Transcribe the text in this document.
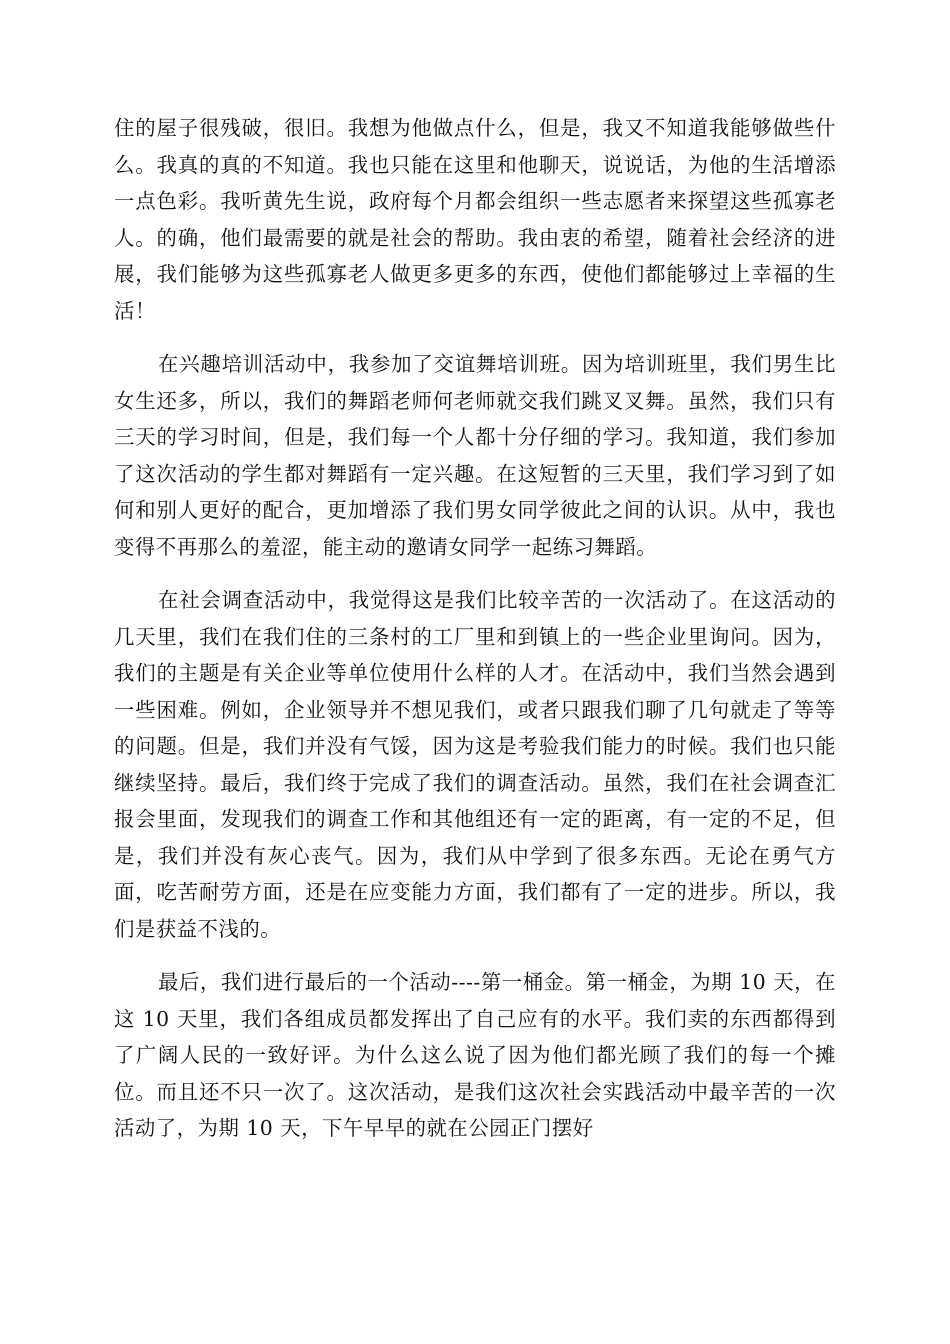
住的屋子很残破，很旧。我想为他做点什么，但是，我又不知道我能够做些什么。我真的真的不知道。我也只能在这里和他聊天，说说话，为他的生活增添一点色彩。我听黄先生说，政府每个月都会组织一些志愿者来探望这些孤寡老人。的确，他们最需要的就是社会的帮助。我由衷的希望，随着社会经济的进展，我们能够为这些孤寡老人做更多更多的东西，使他们都能够过上幸福的生活！

在兴趣培训活动中，我参加了交谊舞培训班。因为培训班里，我们男生比女生还多，所以，我们的舞蹈老师何老师就交我们跳叉叉舞。虽然，我们只有三天的学习时间，但是，我们每一个人都十分仔细的学习。我知道，我们参加了这次活动的学生都对舞蹈有一定兴趣。在这短暂的三天里，我们学习到了如何和别人更好的配合，更加增添了我们男女同学彼此之间的认识。从中，我也变得不再那么的羞涩，能主动的邀请女同学一起练习舞蹈。

在社会调查活动中，我觉得这是我们比较辛苦的一次活动了。在这活动的几天里，我们在我们住的三条村的工厂里和到镇上的一些企业里询问。因为，我们的主题是有关企业等单位使用什么样的人才。在活动中，我们当然会遇到一些困难。例如，企业领导并不想见我们，或者只跟我们聊了几句就走了等等的问题。但是，我们并没有气馁，因为这是考验我们能力的时候。我们也只能继续坚持。最后，我们终于完成了我们的调查活动。虽然，我们在社会调查汇报会里面，发现我们的调查工作和其他组还有一定的距离，有一定的不足，但是，我们并没有灰心丧气。因为，我们从中学到了很多东西。无论在勇气方面，吃苦耐劳方面，还是在应变能力方面，我们都有了一定的进步。所以，我们是获益不浅的。

最后，我们进行最后的一个活动----第一桶金。第一桶金，为期 10 天，在这 10 天里，我们各组成员都发挥出了自己应有的水平。我们卖的东西都得到了广阔人民的一致好评。为什么这么说了因为他们都光顾了我们的每一个摊位。而且还不只一次了。这次活动，是我们这次社会实践活动中最辛苦的一次活动了，为期 10 天，下午早早的就在公园正门摆好
